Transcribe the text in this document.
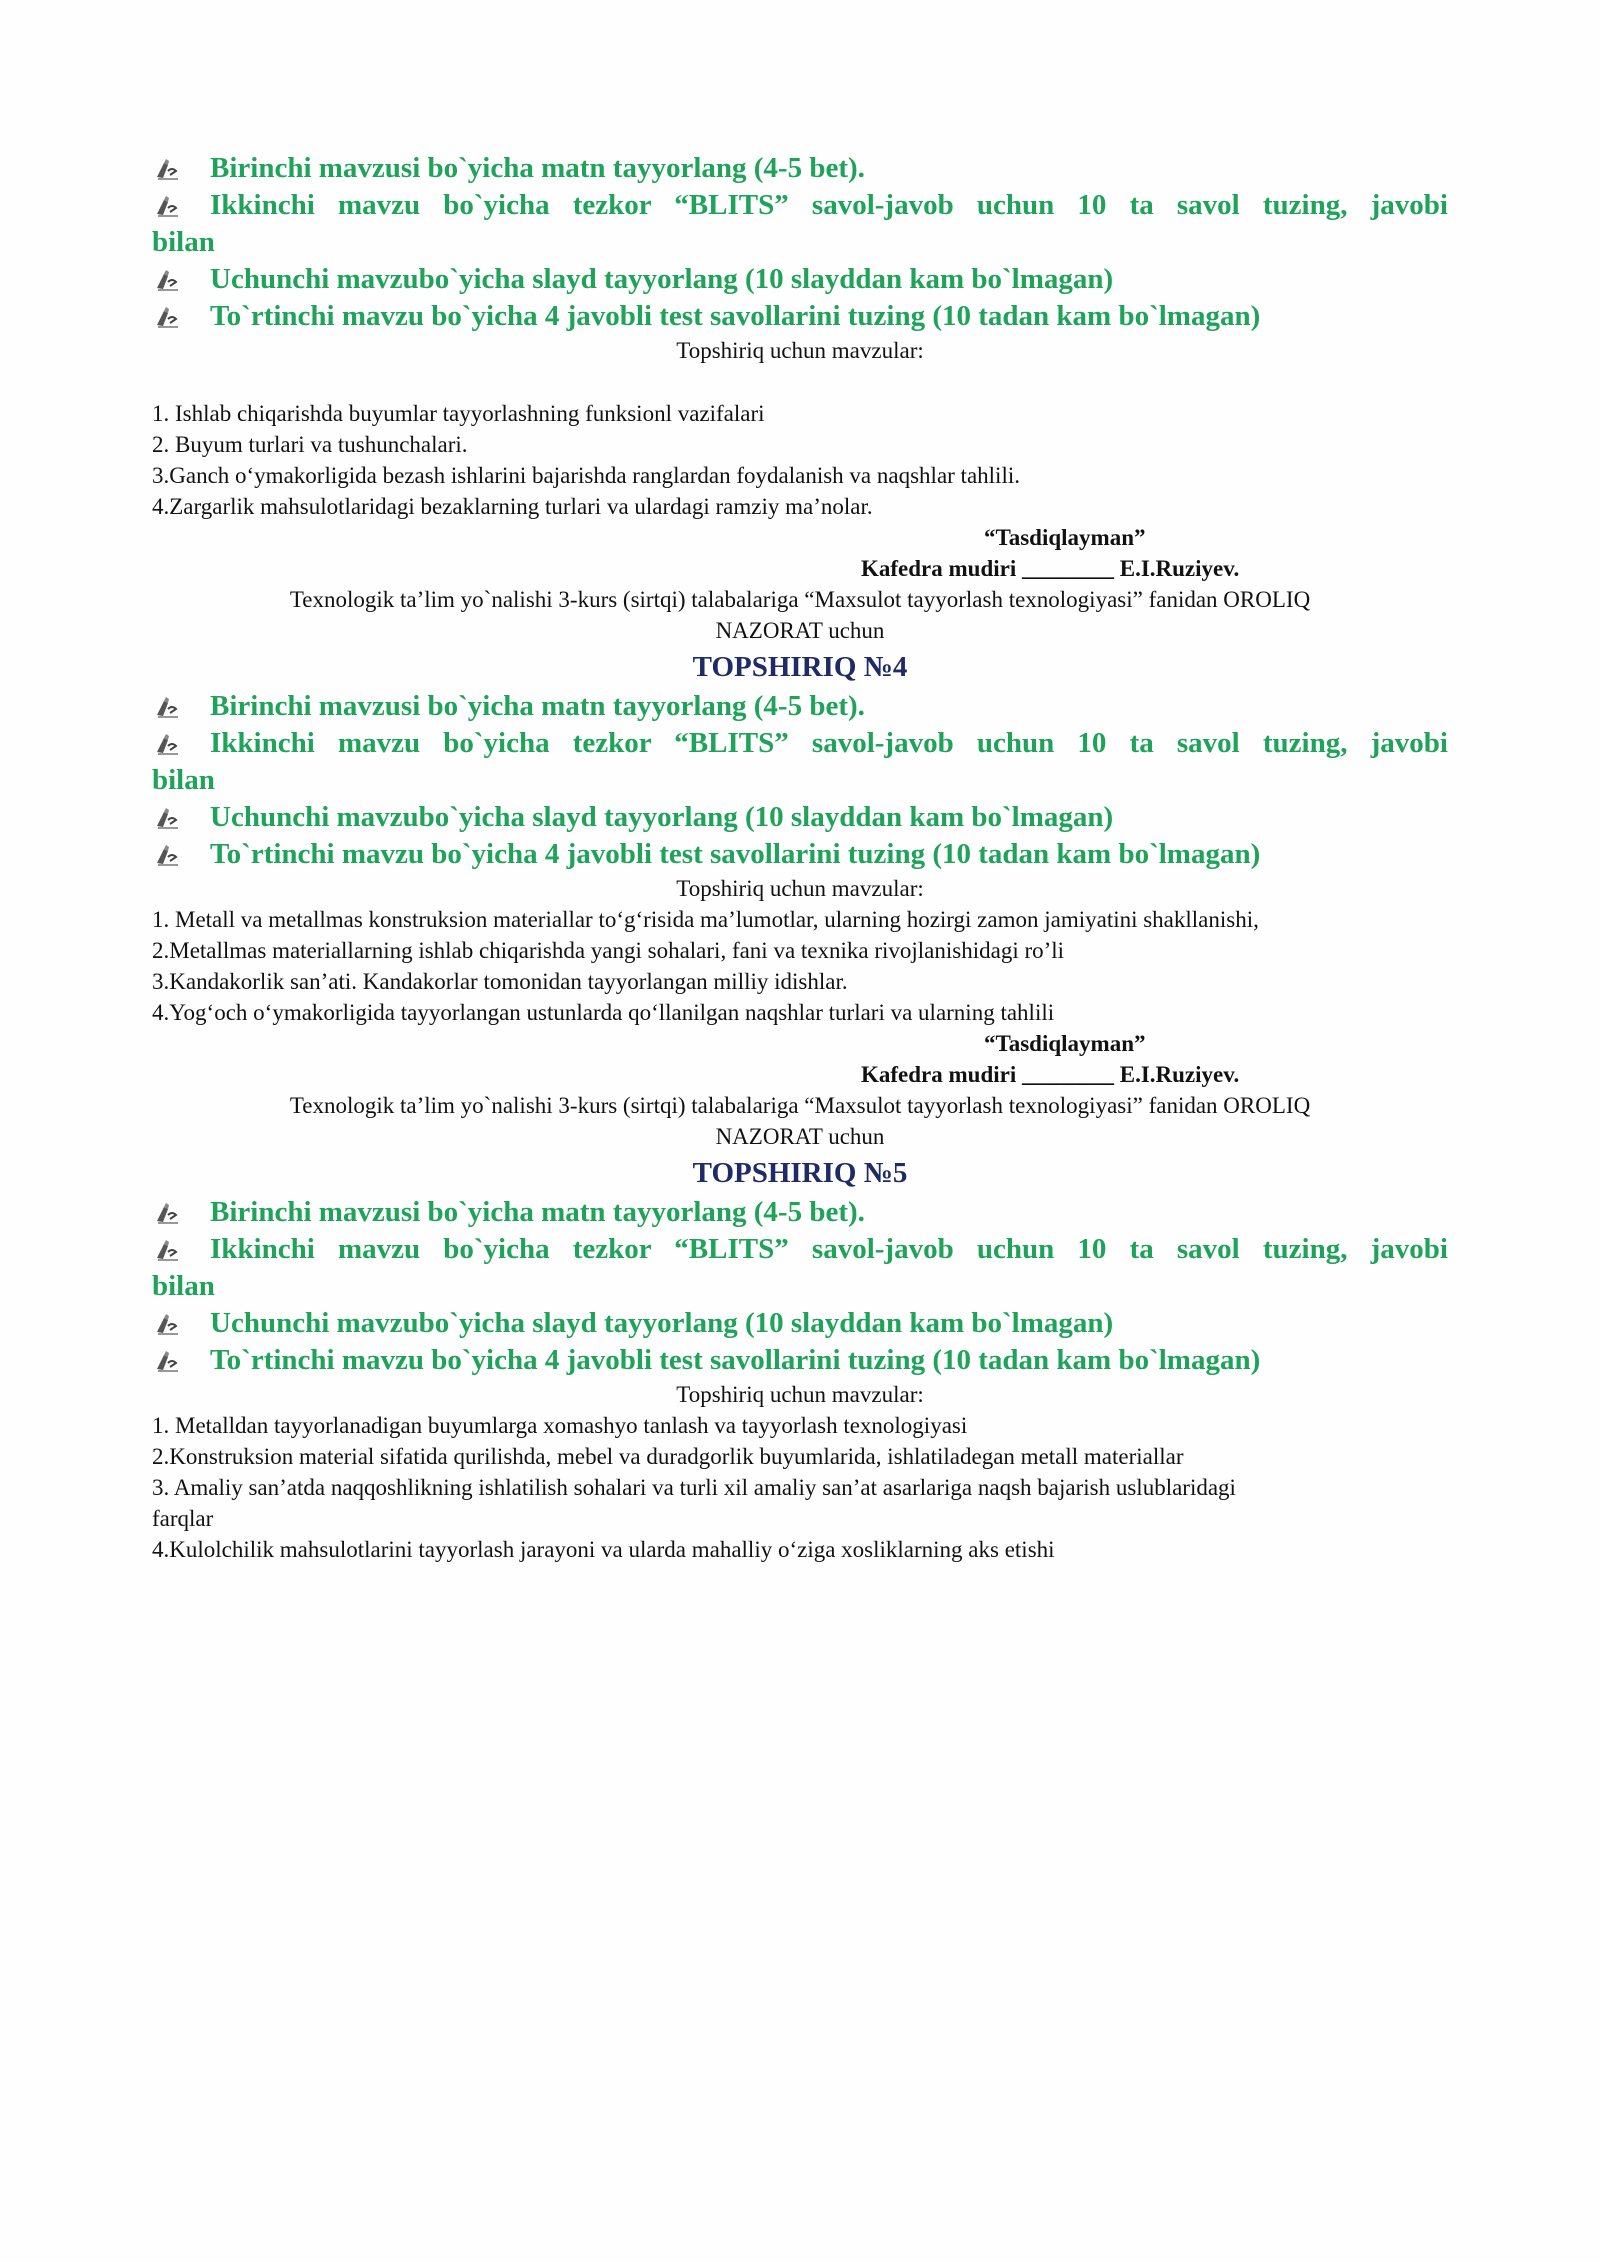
Birinchi mavzusi bo`yicha matn tayyorlang (4-5 bet).
Ikkinchi mavzu bo`yicha tezkor “BLITS” savol-javob uchun 10 ta savol tuzing, javobi
bilan
Uchunchi mavzubo`yicha slayd tayyorlang (10 slayddan kam bo`lmagan)
To`rtinchi mavzu bo`yicha 4 javobli test savollarini tuzing (10 tadan kam bo`lmagan)
Topshiriq uchun mavzular:
1. Ishlab chiqarishda buyumlar tayyorlashning funksionl vazifalari
2. Buyum turlari va tushunchalari.
3.Ganch o‘ymakorligida bezash ishlarini bajarishda ranglardan foydalanish va naqshlar tahlili.
4.Zargarlik mahsulotlaridagi bezaklarning turlari va ulardagi ramziy ma’nolar.
“Tasdiqlayman”
Kafedra mudiri ________ E.I.Ruziyev.
Texnologik ta’lim yo`nalishi 3-kurs (sirtqi) talabalariga “Maxsulot tayyorlash texnologiyasi” fanidan OROLIQ
NAZORAT uchun
TOPSHIRIQ №4
Birinchi mavzusi bo`yicha matn tayyorlang (4-5 bet).
Ikkinchi mavzu bo`yicha tezkor “BLITS” savol-javob uchun 10 ta savol tuzing, javobi
bilan
Uchunchi mavzubo`yicha slayd tayyorlang (10 slayddan kam bo`lmagan)
To`rtinchi mavzu bo`yicha 4 javobli test savollarini tuzing (10 tadan kam bo`lmagan)
Topshiriq uchun mavzular:
1. Metall va metallmas konstruksion materiallar to‘g‘risida ma’lumotlar, ularning hozirgi zamon jamiyatini shakllanishi,
2.Metallmas materiallarning ishlab chiqarishda yangi sohalari, fani va texnika rivojlanishidagi ro’li
3.Kandakorlik san’ati. Kandakorlar tomonidan tayyorlangan milliy idishlar.
4.Yog‘och o‘ymakorligida tayyorlangan ustunlarda qo‘llanilgan naqshlar turlari va ularning tahlili
“Tasdiqlayman”
Kafedra mudiri ________ E.I.Ruziyev.
Texnologik ta’lim yo`nalishi 3-kurs (sirtqi) talabalariga “Maxsulot tayyorlash texnologiyasi” fanidan OROLIQ
NAZORAT uchun
TOPSHIRIQ №5
Birinchi mavzusi bo`yicha matn tayyorlang (4-5 bet).
Ikkinchi mavzu bo`yicha tezkor “BLITS” savol-javob uchun 10 ta savol tuzing, javobi
bilan
Uchunchi mavzubo`yicha slayd tayyorlang (10 slayddan kam bo`lmagan)
To`rtinchi mavzu bo`yicha 4 javobli test savollarini tuzing (10 tadan kam bo`lmagan)
Topshiriq uchun mavzular:
1. Metalldan tayyorlanadigan buyumlarga xomashyo tanlash va tayyorlash texnologiyasi
2.Konstruksion material sifatida qurilishda, mebel va duradgorlik buyumlarida, ishlatiladegan metall materiallar
3. Amaliy san’atda naqqoshlikning ishlatilish sohalari va turli xil amaliy san’at asarlariga naqsh bajarish uslublaridagi
farqlar
4.Kulolchilik mahsulotlarini tayyorlash jarayoni va ularda mahalliy o‘ziga xosliklarning aks etishi
